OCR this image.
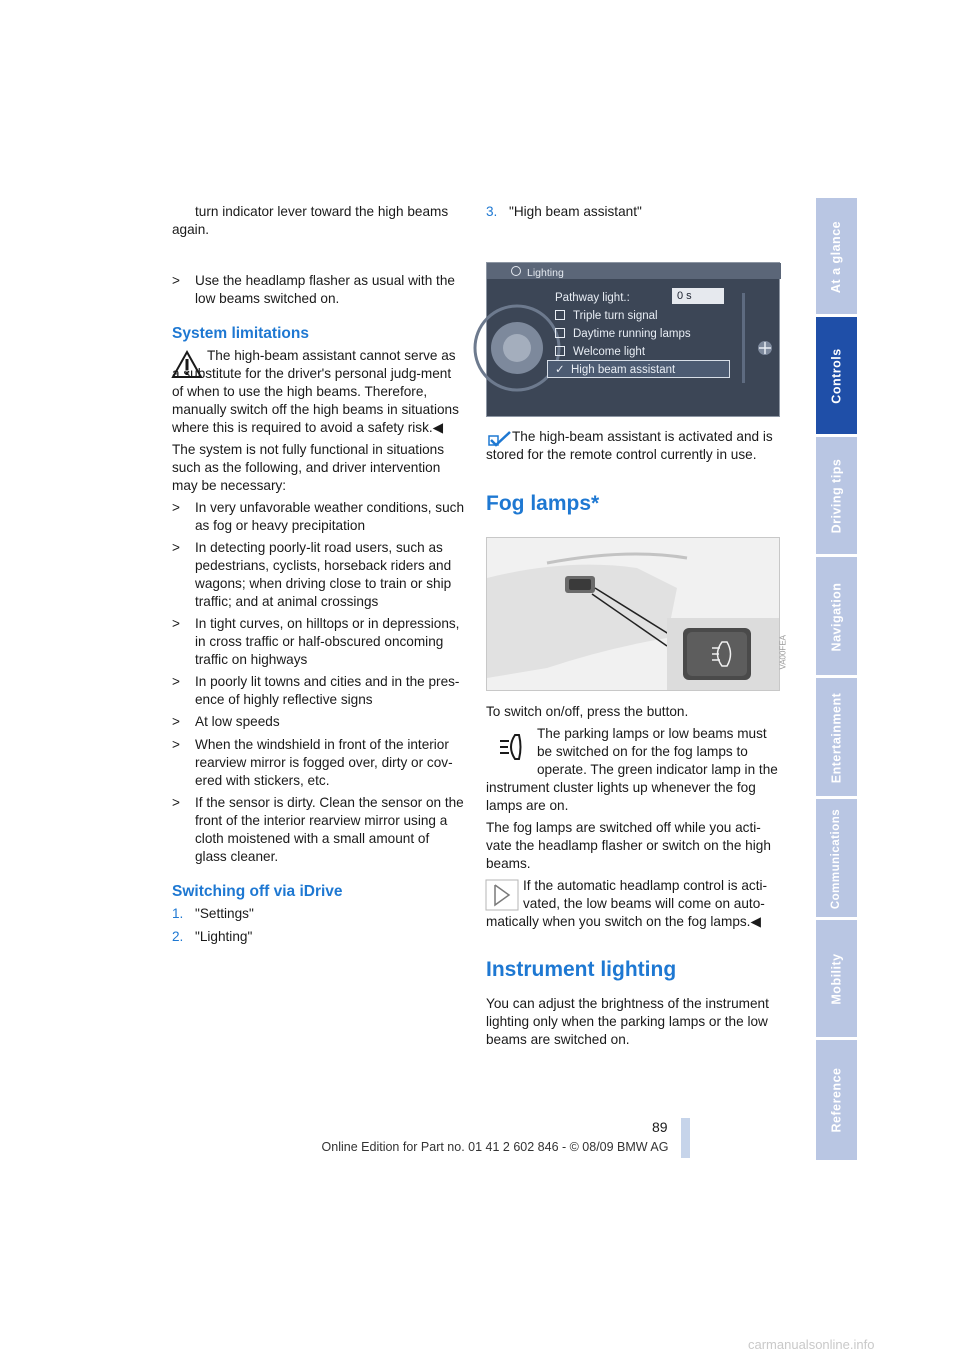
turn indicator lever toward the high beams again.

> Use the headlamp flasher as usual with the low beams switched on.

System limitations

The high-beam assistant cannot serve as a substitute for the driver's personal judg-ment of when to use the high beams. Therefore, manually switch off the high beams in situations where this is required to avoid a safety risk.◀

The system is not fully functional in situations such as the following, and driver intervention may be necessary:

> In very unfavorable weather conditions, such as fog or heavy precipitation
> In detecting poorly-lit road users, such as pedestrians, cyclists, horseback riders and wagons; when driving close to train or ship traffic; and at animal crossings
> In tight curves, on hilltops or in depressions, in cross traffic or half-obscured oncoming traffic on highways
> In poorly lit towns and cities and in the pres-ence of highly reflective signs
> At low speeds
> When the windshield in front of the interior rearview mirror is fogged over, dirty or cov-ered with stickers, etc.
> If the sensor is dirty. Clean the sensor on the front of the interior rearview mirror using a cloth moistened with a small amount of glass cleaner.
Switching off via iDrive

1. "Settings"

2. "Lighting"

3. "High beam assistant"

Lighting
Pathway light.:	0 s
Triple turn signal
Daytime running lamps
Welcome light
✓ High beam assistant

The high-beam assistant is activated and is stored for the remote control currently in use.

Fog lamps*
VA00FEA

To switch on/off, press the button.

The parking lamps or low beams must be switched on for the fog lamps to operate. The green indicator lamp in the instrument cluster lights up whenever the fog lamps are on.

The fog lamps are switched off while you acti-vate the headlamp flasher or switch on the high beams.

If the automatic headlamp control is acti-vated, the low beams will come on auto-matically when you switch on the fog lamps.◀

Instrument lighting

You can adjust the brightness of the instrument lighting only when the parking lamps or the low beams are switched on.

At a glance
Controls
Driving tips
Navigation
Entertainment
Communications
Mobility
Reference
89
Online Edition for Part no. 01 41 2 602 846 - © 08/09 BMW AG
carmanualsonline.info
